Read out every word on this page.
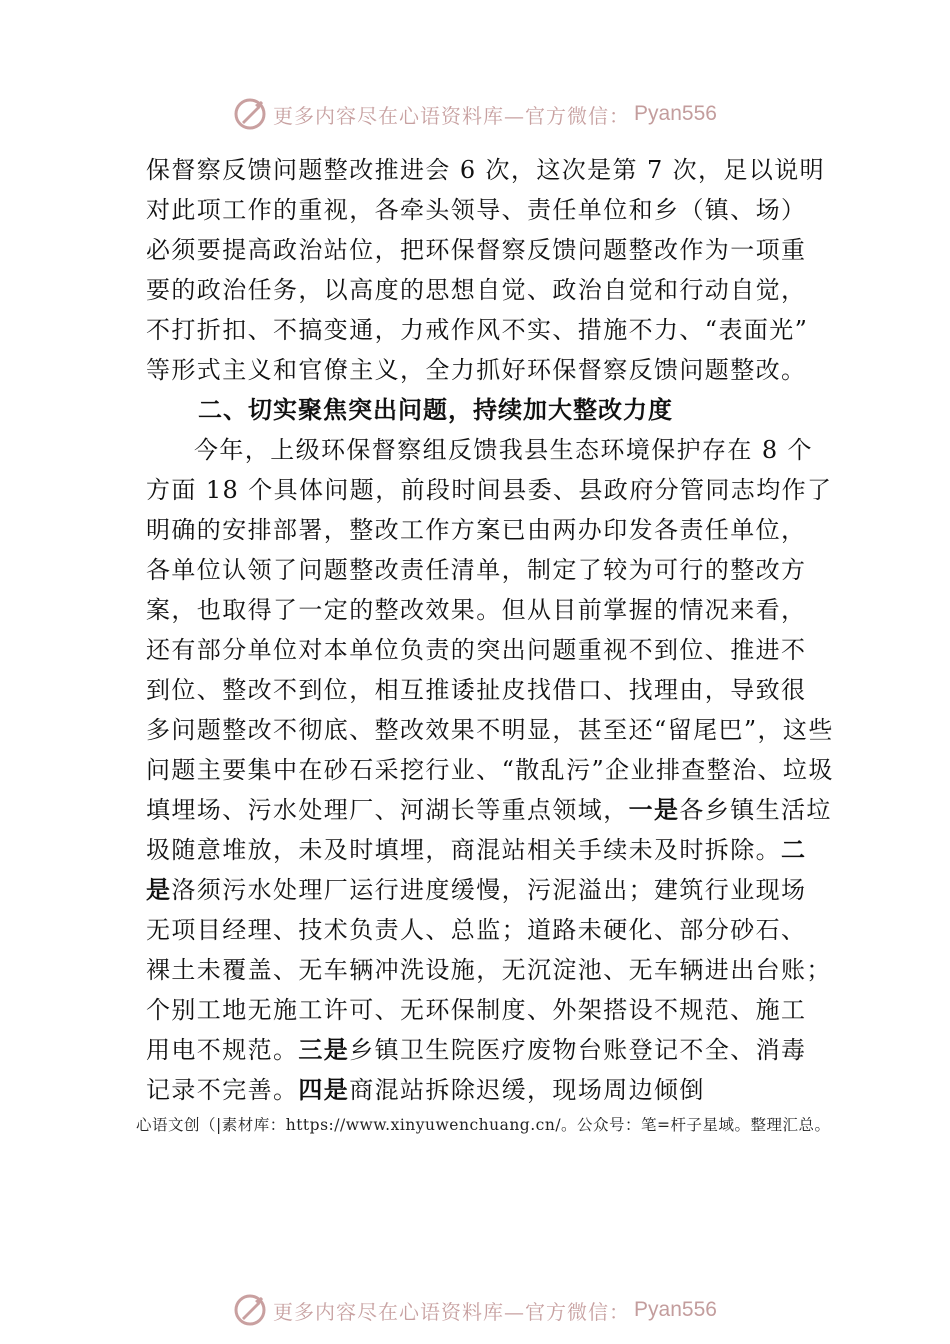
更多内容尽在心语资料库—官方微信： Pyan556
保督察反馈问题整改推进会 6 次，这次是第 7 次，足以说明
对此项工作的重视，各牵头领导、责任单位和乡（镇、场）
必须要提高政治站位，把环保督察反馈问题整改作为一项重
要的政治任务，以高度的思想自觉、政治自觉和行动自觉，
不打折扣、不搞变通，力戒作风不实、措施不力、“表面光”
等形式主义和官僚主义，全力抓好环保督察反馈问题整改。
二、切实聚焦突出问题，持续加大整改力度
今年，上级环保督察组反馈我县生态环境保护存在 8 个
方面 18 个具体问题，前段时间县委、县政府分管同志均作了
明确的安排部署，整改工作方案已由两办印发各责任单位，
各单位认领了问题整改责任清单，制定了较为可行的整改方
案，也取得了一定的整改效果。但从目前掌握的情况来看，
还有部分单位对本单位负责的突出问题重视不到位、推进不
到位、整改不到位，相互推诿扯皮找借口、找理由，导致很
多问题整改不彻底、整改效果不明显，甚至还“留尾巴”，这些
问题主要集中在砂石采挖行业、“散乱污”企业排查整治、垃圾
填埋场、污水处理厂、河湖长等重点领域，一是各乡镇生活垃
圾随意堆放，未及时填埋，商混站相关手续未及时拆除。二
是洛须污水处理厂运行进度缓慢，污泥溢出；建筑行业现场
无项目经理、技术负责人、总监；道路未硬化、部分砂石、
裸土未覆盖、无车辆冲洗设施，无沉淀池、无车辆进出台账；
个别工地无施工许可、无环保制度、外架搭设不规范、施工
用电不规范。三是乡镇卫生院医疗废物台账登记不全、消毒
记录不完善。四是商混站拆除迟缓，现场周边倾倒
心语文创（|素材库：https://www.xinyuwenchuang.cn/。公众号：笔=杆子星域。整理汇总。
更多内容尽在心语资料库—官方微信： Pyan556
